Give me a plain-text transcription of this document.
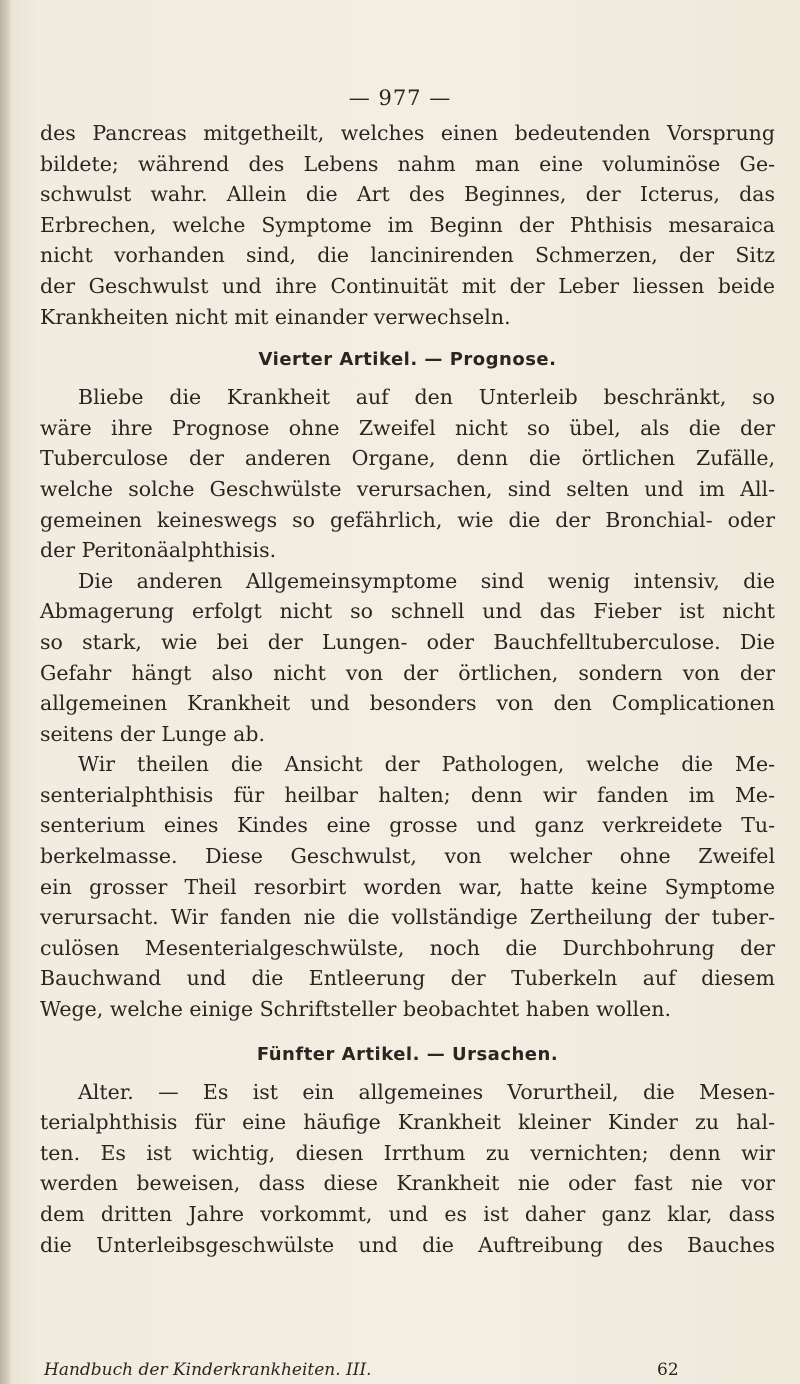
— 977 —
des Pancreas mitgetheilt, welches einen bedeutenden Vorsprung
bildete; während des Lebens nahm man eine voluminöse Ge-
schwulst wahr. Allein die Art des Beginnes, der Icterus, das
Erbrechen, welche Symptome im Beginn der Phthisis mesaraica
nicht vorhanden sind, die lancinirenden Schmerzen, der Sitz
der Geschwulst und ihre Continuität mit der Leber liessen beide
Krankheiten nicht mit einander verwechseln.
Vierter Artikel. — Prognose.
Bliebe die Krankheit auf den Unterleib beschränkt, so
wäre ihre Prognose ohne Zweifel nicht so übel, als die der
Tuberculose der anderen Organe, denn die örtlichen Zufälle,
welche solche Geschwülste verursachen, sind selten und im All-
gemeinen keineswegs so gefährlich, wie die der Bronchial- oder
der Peritonäalphthisis.
Die anderen Allgemeinsymptome sind wenig intensiv, die
Abmagerung erfolgt nicht so schnell und das Fieber ist nicht
so stark, wie bei der Lungen- oder Bauchfelltuberculose. Die
Gefahr hängt also nicht von der örtlichen, sondern von der
allgemeinen Krankheit und besonders von den Complicationen
seitens der Lunge ab.
Wir theilen die Ansicht der Pathologen, welche die Me-
senterialphthisis für heilbar halten; denn wir fanden im Me-
senterium eines Kindes eine grosse und ganz verkreidete Tu-
berkelmasse. Diese Geschwulst, von welcher ohne Zweifel
ein grosser Theil resorbirt worden war, hatte keine Symptome
verursacht. Wir fanden nie die vollständige Zertheilung der tuber-
culösen Mesenterialgeschwülste, noch die Durchbohrung der
Bauchwand und die Entleerung der Tuberkeln auf diesem
Wege, welche einige Schriftsteller beobachtet haben wollen.
Fünfter Artikel. — Ursachen.
Alter. — Es ist ein allgemeines Vorurtheil, die Mesen-
terialphthisis für eine häufige Krankheit kleiner Kinder zu hal-
ten. Es ist wichtig, diesen Irrthum zu vernichten; denn wir
werden beweisen, dass diese Krankheit nie oder fast nie vor
dem dritten Jahre vorkommt, und es ist daher ganz klar, dass
die Unterleibsgeschwülste und die Auftreibung des Bauches
Handbuch der Kinderkrankheiten. III.	62
